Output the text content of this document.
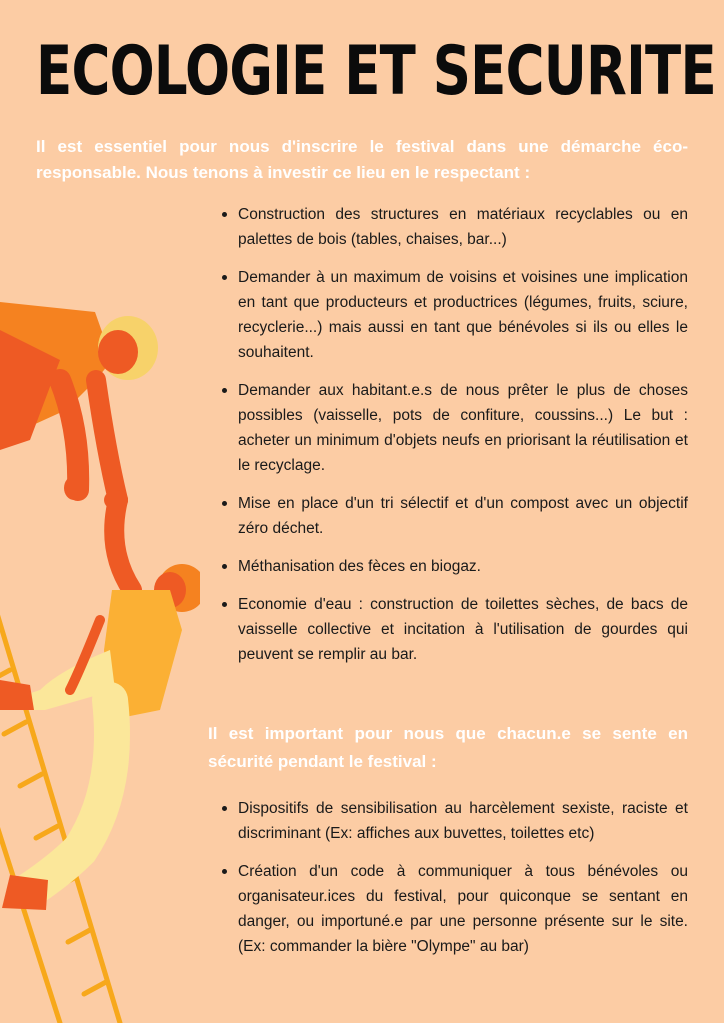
ECOLOGIE ET SECURITE

Il est essentiel pour nous d'inscrire le festival dans une démarche éco-responsable. Nous tenons à investir ce lieu en le respectant :

Construction des structures en matériaux recyclables ou en palettes de bois (tables, chaises, bar...)
Demander à un maximum de voisins et voisines une implication en tant que producteurs et productrices (légumes, fruits, sciure, recyclerie...) mais aussi en tant que bénévoles si ils ou elles le souhaitent.
Demander aux habitant.e.s de nous prêter le plus de choses possibles (vaisselle, pots de confiture, coussins...) Le but : acheter un minimum d'objets neufs en priorisant la réutilisation et le recyclage.
Mise en place d'un tri sélectif et d'un compost avec un objectif zéro déchet.
Méthanisation des fèces en biogaz.
Economie d'eau : construction de toilettes sèches, de bacs de vaisselle collective et incitation à l'utilisation de gourdes qui peuvent se remplir au bar.

Il est important pour nous que chacun.e se sente en sécurité pendant le festival :

Dispositifs de sensibilisation au harcèlement sexiste, raciste et discriminant (Ex: affiches aux buvettes, toilettes etc)
Création d'un code à communiquer à tous bénévoles ou organisateur.ices du festival, pour quiconque se sentant en danger, ou importuné.e par une personne présente sur le site. (Ex: commander la bière "Olympe" au bar)
